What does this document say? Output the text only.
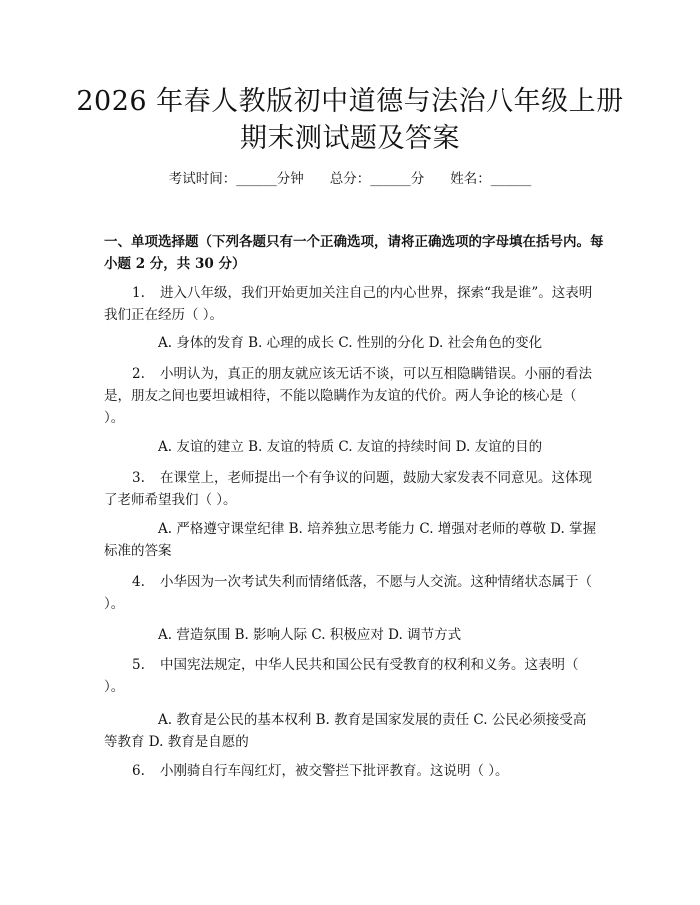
2026 年春人教版初中道德与法治八年级上册
期末测试题及答案
考试时间：______分钟 总分：______分 姓名：______
一、单项选择题（下列各题只有一个正确选项，请将正确选项的字母填在括号内。每小题 2 分，共 30 分）
1. 进入八年级，我们开始更加关注自己的内心世界，探索“我是谁”。这表明我们正在经历（ ）。
A. 身体的发育 B. 心理的成长 C. 性别的分化 D. 社会角色的变化
2. 小明认为，真正的朋友就应该无话不谈，可以互相隐瞒错误。小丽的看法是，朋友之间也要坦诚相待，不能以隐瞒作为友谊的代价。两人争论的核心是（ ）。
A. 友谊的建立 B. 友谊的特质 C. 友谊的持续时间 D. 友谊的目的
3. 在课堂上，老师提出一个有争议的问题，鼓励大家发表不同意见。这体现了老师希望我们（ ）。
A. 严格遵守课堂纪律 B. 培养独立思考能力 C. 增强对老师的尊敬 D. 掌握标准的答案
4. 小华因为一次考试失利而情绪低落，不愿与人交流。这种情绪状态属于（ ）。
A. 营造氛围 B. 影响人际 C. 积极应对 D. 调节方式
5. 中国宪法规定，中华人民共和国公民有受教育的权利和义务。这表明（ ）。
A. 教育是公民的基本权利 B. 教育是国家发展的责任 C. 公民必须接受高等教育 D. 教育是自愿的
6. 小刚骑自行车闯红灯，被交警拦下批评教育。这说明（ ）。
